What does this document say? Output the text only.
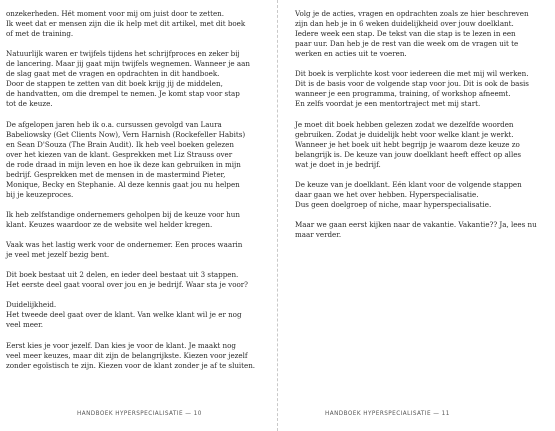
onzekerheden. Hét moment voor mij om juist door te zetten.
Ik weet dat er mensen zijn die ik help met dit artikel, met dit boek
of met de training.

Natuurlijk waren er twijfels tijdens het schrijfproces en zeker bij
de lancering. Maar jij gaat mijn twijfels wegnemen. Wanneer je aan
de slag gaat met de vragen en opdrachten in dit handboek.
Door de stappen te zetten van dit boek krijg jij de middelen,
de handvatten, om die drempel te nemen. Je komt stap voor stap
tot de keuze.

De afgelopen jaren heb ik o.a. cursussen gevolgd van Laura
Babeliowsky (Get Clients Now), Vern Harnish (Rockefeller Habits)
en Sean D'Souza (The Brain Audit). Ik heb veel boeken gelezen
over het kiezen van de klant. Gesprekken met Liz Strauss over
de rode draad in mijn leven en hoe ik deze kan gebruiken in mijn
bedrijf. Gesprekken met de mensen in de mastermind Pieter,
Monique, Becky en Stephanie. Al deze kennis gaat jou nu helpen
bij je keuzeproces.

Ik heb zelfstandige ondernemers geholpen bij de keuze voor hun
klant. Keuzes waardoor ze de website wel helder kregen.

Vaak was het lastig werk voor de ondernemer. Een proces waarin
je veel met jezelf bezig bent.

Dit boek bestaat uit 2 delen, en ieder deel bestaat uit 3 stappen.
Het eerste deel gaat vooral over jou en je bedrijf. Waar sta je voor?

Duidelijkheid.
Het tweede deel gaat over de klant. Van welke klant wil je er nog
veel meer.

Eerst kies je voor jezelf. Dan kies je voor de klant. Je maakt nog
veel meer keuzes, maar dit zijn de belangrijkste. Kiezen voor jezelf
zonder egoïstisch te zijn. Kiezen voor de klant zonder je af te sluiten.

HANDBOEK HYPERSPECIALISATIE — 10

Volg je de acties, vragen en opdrachten zoals ze hier beschreven
zijn dan heb je in 6 weken duidelijkheid over jouw doelklant.
Iedere week een stap. De tekst van die stap is te lezen in een
paar uur. Dan heb je de rest van die week om de vragen uit te
werken en acties uit te voeren.

Dit boek is verplichte kost voor iedereen die met mij wil werken.
Dit is de basis voor de volgende stap voor jou. Dit is ook de basis
wanneer je een programma, training, of workshop afneemt.
En zelfs voordat je een mentortraject met mij start.

Je moet dit boek hebben gelezen zodat we dezelfde woorden
gebruiken. Zodat je duidelijk hebt voor welke klant je werkt.
Wanneer je het boek uit hebt begrijp je waarom deze keuze zo
belangrijk is. De keuze van jouw doelklant heeft effect op alles
wat je doet in je bedrijf.

De keuze van je doelklant. Eén klant voor de volgende stappen
daar gaan we het over hebben. Hyperspecialisatie.
Dus geen doelgroep of niche, maar hyperspecialisatie.

Maar we gaan eerst kijken naar de vakantie. Vakantie?? Ja, lees nu
maar verder.

HANDBOEK HYPERSPECIALISATIE — 11
